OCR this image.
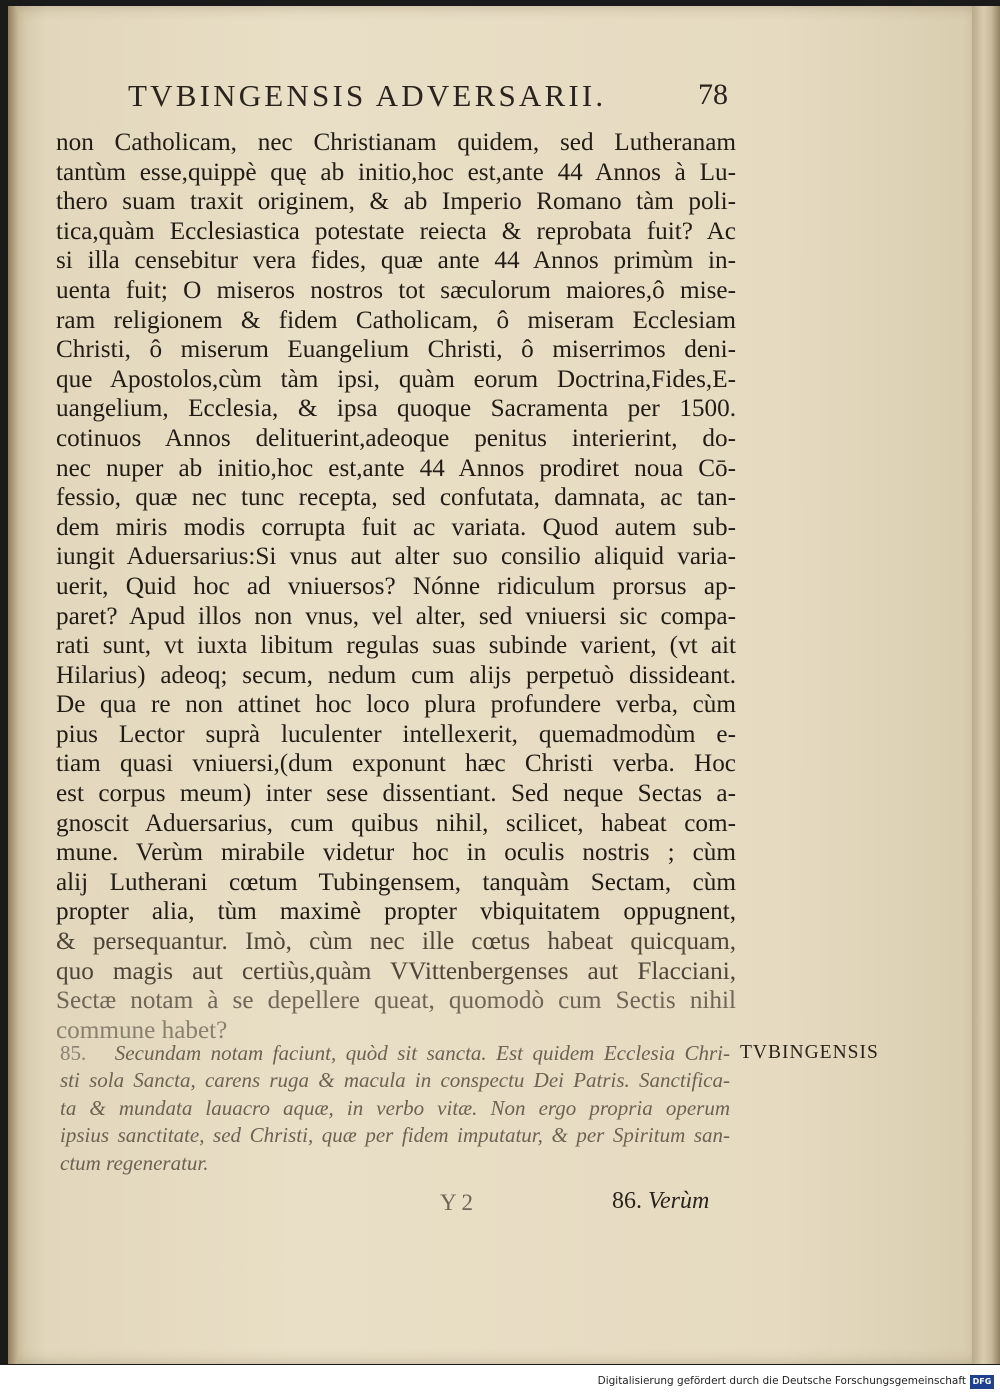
TVBINGENSIS ADVERSARII.	78
non Catholicam, nec Christianam quidem, sed Lutheranam
tantùm esse,quippè quę ab initio,hoc est,ante 44 Annos à Lu-
thero suam traxit originem, & ab Imperio Romano tàm poli-
tica,quàm Ecclesiastica potestate reiecta & reprobata fuit? Ac
si illa censebitur vera fides, quæ ante 44 Annos primùm in-
uenta fuit; O miseros nostros tot sæculorum maiores,ô mise-
ram religionem & fidem Catholicam, ô miseram Ecclesiam
Christi, ô miserum Euangelium Christi, ô miserrimos deni-
que Apostolos,cùm tàm ipsi, quàm eorum Doctrina,Fides,E-
uangelium, Ecclesia, & ipsa quoque Sacramenta per 1500.
cotinuos Annos delituerint,adeoque penitus interierint, do-
nec nuper ab initio,hoc est,ante 44 Annos prodiret noua Cō-
fessio, quæ nec tunc recepta, sed confutata, damnata, ac tan-
dem miris modis corrupta fuit ac variata. Quod autem sub-
iungit Aduersarius:Si vnus aut alter suo consilio aliquid varia-
uerit, Quid hoc ad vniuersos? Nónne ridiculum prorsus ap-
paret? Apud illos non vnus, vel alter, sed vniuersi sic compa-
rati sunt, vt iuxta libitum regulas suas subinde varient, (vt ait
Hilarius) adeoq; secum, nedum cum alijs perpetuò dissideant.
De qua re non attinet hoc loco plura profundere verba, cùm
pius Lector suprà luculenter intellexerit, quemadmodùm e-
tiam quasi vniuersi,(dum exponunt hæc Christi verba. Hoc
est corpus meum) inter sese dissentiant. Sed neque Sectas a-
gnoscit Aduersarius, cum quibus nihil, scilicet, habeat com-
mune. Verùm mirabile videtur hoc in oculis nostris ; cùm
alij Lutherani cœtum Tubingensem, tanquàm Sectam, cùm
propter alia, tùm maximè propter vbiquitatem oppugnent,
& persequantur. Imò, cùm nec ille cœtus habeat quicquam,
quo magis aut certiùs,quàm VVittenbergenses aut Flacciani,
Sectæ notam à se depellere queat, quomodò cum Sectis nihil
commune habet?
85. Secundam notam faciunt, quòd sit sancta. Est quidem Ecclesia Chri-
sti sola Sancta, carens ruga & macula in conspectu Dei Patris. Sanctifica-
ta & mundata lauacro aquæ, in verbo vitæ. Non ergo propria operum
ipsius sanctitate, sed Christi, quæ per fidem imputatur, & per Spiritum san-
ctum regeneratur.
TVBINGENSIS
Y 2	86. Verùm
Digitalisierung gefördert durch die Deutsche Forschungsgemeinschaft DFG
